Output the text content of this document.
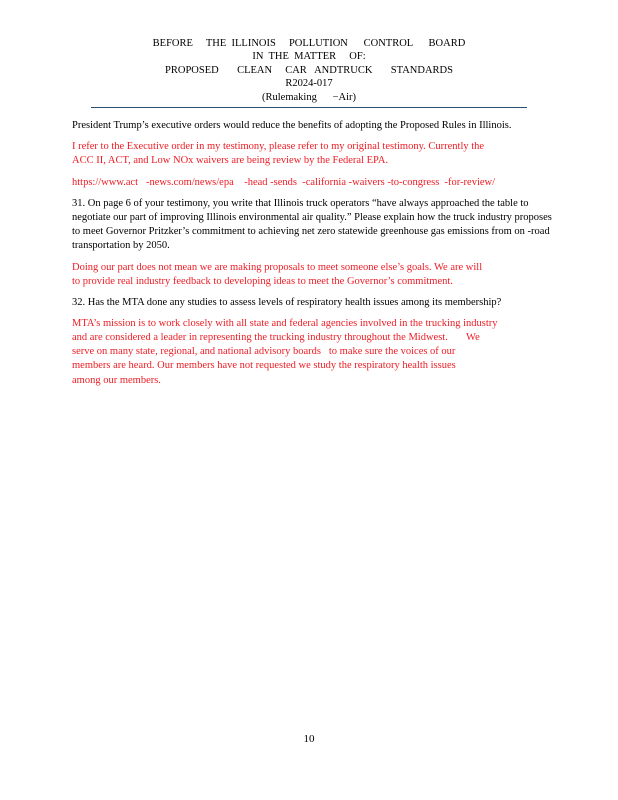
BEFORE     THE  ILLINOIS     POLLUTION      CONTROL      BOARD
IN  THE  MATTER     OF:
PROPOSED       CLEAN     CAR   ANDTRUCK       STANDARDS
R2024-017
(Rulemaking      −Air)

President Trump’s executive orders would reduce the benefits of adopting the Proposed Rules in Illinois.

I refer to the Executive order in my testimony, please refer to my original testimony. Currently the
ACC II, ACT, and Low NOx waivers are being review by the Federal EPA.

https://www.act   -news.com/news/epa    -head -sends  -california -waivers -to-congress  -for-review/

31. On page 6 of your testimony, you write that Illinois truck operators “have always approached the table to negotiate our part of improving Illinois environmental air quality.” Please explain how the truck industry proposes to meet Governor Pritzker’s commitment to achieving net zero statewide greenhouse gas emissions from on -road transportation by 2050.

Doing our part does not mean we are making proposals to meet someone else’s goals. We are will
to provide real industry feedback to developing ideas to meet the Governor’s commitment.

32. Has the MTA done any studies to assess levels of respiratory health issues among its membership?

MTA’s mission is to work closely with all state and federal agencies involved in the trucking industry
and are considered a leader in representing the trucking industry throughout the Midwest.       We
serve on many state, regional, and national advisory boards   to make sure the voices of our
members are heard. Our members have not requested we study the respiratory health issues
among our members.
10
